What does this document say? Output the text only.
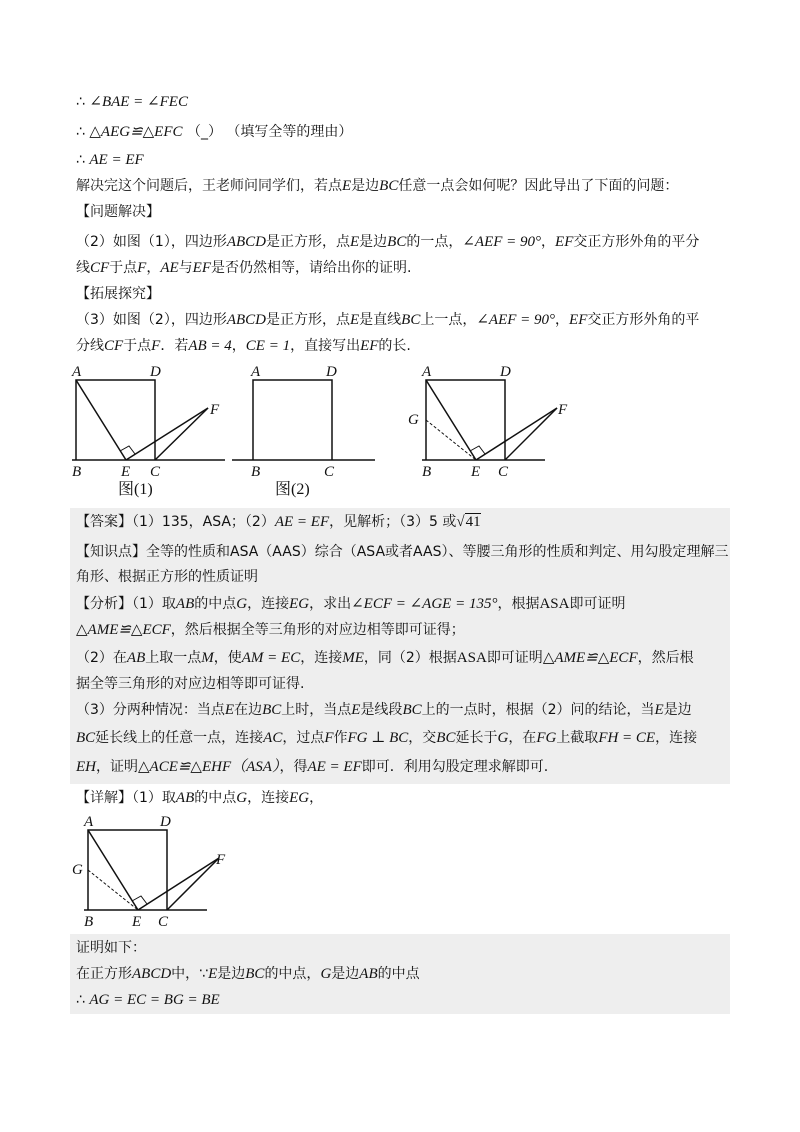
∴ ∠BAE = ∠FEC
∴ △AEG≌△EFC （_） （填写全等的理由）
∴ AE = EF
解决完这个问题后，王老师问同学们，若点E是边BC任意一点会如何呢？因此导出了下面的问题：
【问题解决】
（2）如图（1），四边形ABCD是正方形，点E是边BC的一点，∠AEF = 90°，EF交正方形外角的平分
线CF于点F，AE与EF是否仍然相等，请给出你的证明.
【拓展探究】
（3）如图（2），四边形ABCD是正方形，点E是直线BC上一点，∠AEF = 90°，EF交正方形外角的平
分线CF于点F．若AB = 4，CE = 1，直接写出EF的长.
A	D
B	E C
F
图(1)
A	D
B	C
图(2)
A	D
G
B	E C
F
【答案】（1）135，ASA；（2）AE = EF，见解析；（3）5 或√41
【知识点】全等的性质和ASA（AAS）综合（ASA或者AAS）、等腰三角形的性质和判定、用勾股定理解三
角形、根据正方形的性质证明
【分析】（1）取AB的中点G，连接EG，求出∠ECF = ∠AGE = 135°，根据ASA即可证明
△AME≌△ECF，然后根据全等三角形的对应边相等即可证得；
（2）在AB上取一点M，使AM = EC，连接ME，同（2）根据ASA即可证明△AME≌△ECF，然后根
据全等三角形的对应边相等即可证得.
（3）分两种情况：当点E在边BC上时，当点E是线段BC上的一点时，根据（2）问的结论，当E是边
BC延长线上的任意一点，连接AC，过点F作FG ⊥ BC，交BC延长于G，在FG上截取FH = CE，连接
EH，证明△ACE≌△EHF（ASA），得AE = EF即可．利用勾股定理求解即可.
【详解】（1）取AB的中点G，连接EG，
A	D
G
B	E C
F
证明如下：
在正方形ABCD中，∵E是边BC的中点，G是边AB的中点
∴ AG = EC = BG = BE
